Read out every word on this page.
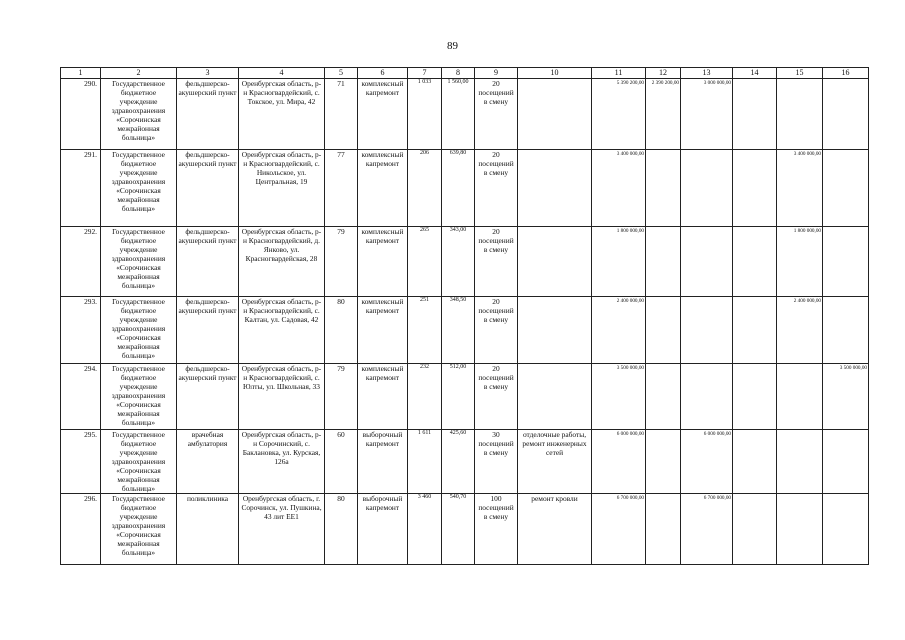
89
1	2	3	4	5	6	7	8	9	10	11	12	13	14	15	16
290.	Государственное бюджетное учреждение здравоохранения «Сорочинская межрайонная больница»	фельдшерско-акушерский пункт	Оренбургская область, р-н Красногвардейский, с. Токское, ул. Мира, 42	71	комплексный капремонт	1 033	1 560,00	20 посещений в смену		5 390 200,00	2 390 200,00	3 000 000,00			
291.	Государственное бюджетное учреждение здравоохранения «Сорочинская межрайонная больница»	фельдшерско-акушерский пункт	Оренбургская область, р-н Красногвардейский, с. Никольское, ул. Центральная, 19	77	комплексный капремонт	206	639,80	20 посещений в смену		3 400 000,00				3 400 000,00	
292.	Государственное бюджетное учреждение здравоохранения «Сорочинская межрайонная больница»	фельдшерско-акушерский пункт	Оренбургская область, р-н Красногвардейский, д. Янково, ул. Красногвардейская, 28	79	комплексный капремонт	265	343,00	20 посещений в смену		1 800 000,00				1 800 000,00	
293.	Государственное бюджетное учреждение здравоохранения «Сорочинская межрайонная больница»	фельдшерско-акушерский пункт	Оренбургская область, р-н Красногвардейский, с. Калтан, ул. Садовая, 42	80	комплексный капремонт	251	348,50	20 посещений в смену		2 400 000,00				2 400 000,00	
294.	Государственное бюджетное учреждение здравоохранения «Сорочинская межрайонная больница»	фельдшерско-акушерский пункт	Оренбургская область, р-н Красногвардейский, с. Юлты, ул. Школьная, 33	79	комплексный капремонт	232	512,00	20 посещений в смену		3 500 000,00					3 500 000,00
295.	Государственное бюджетное учреждение здравоохранения «Сорочинская межрайонная больница»	врачебная амбулатория	Оренбургская область, р-н Сорочинский, с. Баклановка, ул. Курская, 126а	60	выборочный капремонт	1 611	425,60	30 посещений в смену	отделочные работы, ремонт инженерных сетей	6 000 000,00		6 000 000,00			
296.	Государственное бюджетное учреждение здравоохранения «Сорочинская межрайонная больница»	поликлиника	Оренбургская область, г. Сорочинск, ул. Пушкина, 43 лит ЕЕ1	80	выборочный капремонт	3 460	540,70	100 посещений в смену	ремонт кровли	6 700 000,00		6 700 000,00			
